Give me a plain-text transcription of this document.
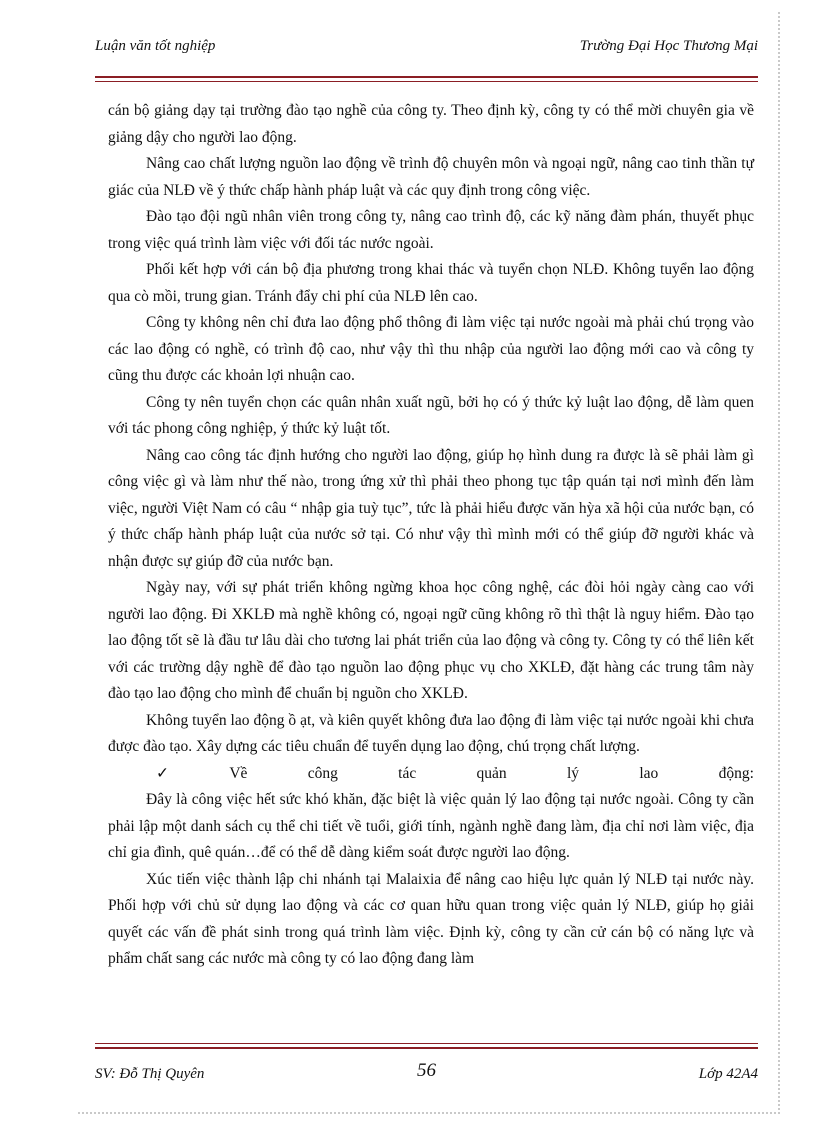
Luận văn tốt nghiệp	Trường Đại Học Thương Mại

cán bộ giảng dạy tại trường đào tạo nghề của công ty. Theo định kỳ, công ty có thể mời chuyên gia về giảng dậy cho người lao động.

Nâng cao chất lượng nguồn lao động về trình độ chuyên môn và ngoại ngữ, nâng cao tinh thần tự giác của NLĐ về ý thức chấp hành pháp luật và các quy định trong công việc.

Đào tạo đội ngũ nhân viên trong công ty, nâng cao trình độ, các kỹ năng đàm phán, thuyết phục trong việc quá trình làm việc với đối tác nước ngoài.

Phối kết hợp với cán bộ địa phương trong khai thác và tuyển chọn NLĐ. Không tuyển lao động qua cò mồi, trung gian. Tránh đẩy chi phí của NLĐ lên cao.

Công ty không nên chỉ đưa lao động phổ thông đi làm việc tại nước ngoài mà phải chú trọng vào các lao động có nghề, có trình độ cao, như vậy thì thu nhập của người lao động mới cao và công ty cũng thu được các khoản lợi nhuận cao.

Công ty nên tuyển chọn các quân nhân xuất ngũ, bởi họ có ý thức kỷ luật lao động, dễ làm quen với tác phong công nghiệp, ý thức kỷ luật tốt.

Nâng cao công tác định hướng cho người lao động, giúp họ hình dung ra được là sẽ phải làm gì công việc gì và làm như thế nào, trong ứng xử thì phải theo phong tục tập quán tại nơi mình đến làm việc, người Việt Nam có câu “ nhập gia tuỳ tục”, tức là phải hiểu được văn hỳa xã hội của nước bạn, có ý thức chấp hành pháp luật của nước sở tại. Có như vậy thì mình mới có thể giúp đỡ người khác và nhận được sự giúp đỡ của nước bạn.

Ngày nay, với sự phát triển không ngừng khoa học công nghệ, các đòi hỏi ngày càng cao với người lao động. Đi XKLĐ mà nghề không có, ngoại ngữ cũng không rõ thì thật là nguy hiểm. Đào tạo lao động tốt sẽ là đầu tư lâu dài cho tương lai phát triển của lao động và công ty. Công ty có thể liên kết với các trường dậy nghề để đào tạo nguồn lao động phục vụ cho XKLĐ, đặt hàng các trung tâm này đào tạo lao động cho mình để chuẩn bị nguồn cho XKLĐ.

Không tuyển lao động ồ ạt, và kiên quyết không đưa lao động đi làm việc tại nước ngoài khi chưa được đào tạo. Xây dựng các tiêu chuẩn để tuyển dụng lao động, chú trọng chất lượng.

✓	Về	công	tác	quản	lý	lao	động:

Đây là công việc hết sức khó khăn, đặc biệt là việc quản lý lao động tại nước ngoài. Công ty cần phải lập một danh sách cụ thể chi tiết về tuổi, giới tính, ngành nghề đang làm, địa chỉ nơi làm việc, địa chỉ gia đình, quê quán…để có thể dễ dàng kiểm soát được người lao động.

Xúc tiến việc thành lập chi nhánh tại Malaixia để nâng cao hiệu lực quản lý NLĐ tại nước này. Phối hợp với chủ sử dụng lao động và các cơ quan hữu quan trong việc quản lý NLĐ, giúp họ giải quyết các vấn đề phát sinh trong quá trình làm việc. Định kỳ, công ty cần cử cán bộ có năng lực và phẩm chất sang các nước mà công ty có lao động đang làm

SV: Đỗ Thị Quyên	56	Lớp 42A4
